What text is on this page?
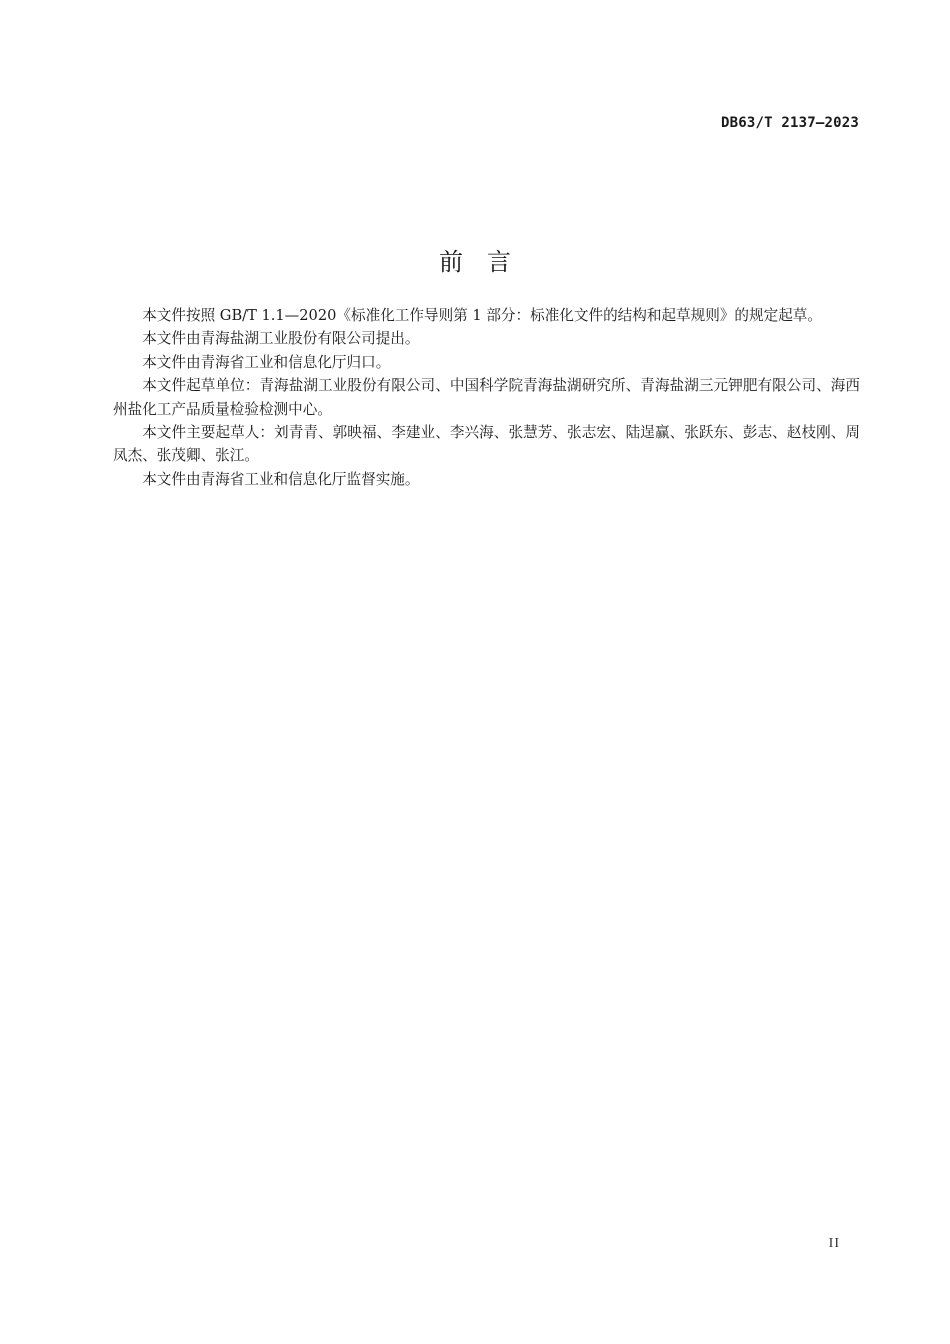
DB63/T 2137—2023
前言

本文件按照 GB/T 1.1—2020《标准化工作导则第 1 部分：标准化文件的结构和起草规则》的规定起草。

本文件由青海盐湖工业股份有限公司提出。

本文件由青海省工业和信息化厅归口。

本文件起草单位：青海盐湖工业股份有限公司、中国科学院青海盐湖研究所、青海盐湖三元钾肥有限公司、海西州盐化工产品质量检验检测中心。

本文件主要起草人：刘青青、郭映福、李建业、李兴海、张慧芳、张志宏、陆逞赢、张跃东、彭志、赵枝刚、周凤杰、张茂卿、张江。

本文件由青海省工业和信息化厅监督实施。

II
